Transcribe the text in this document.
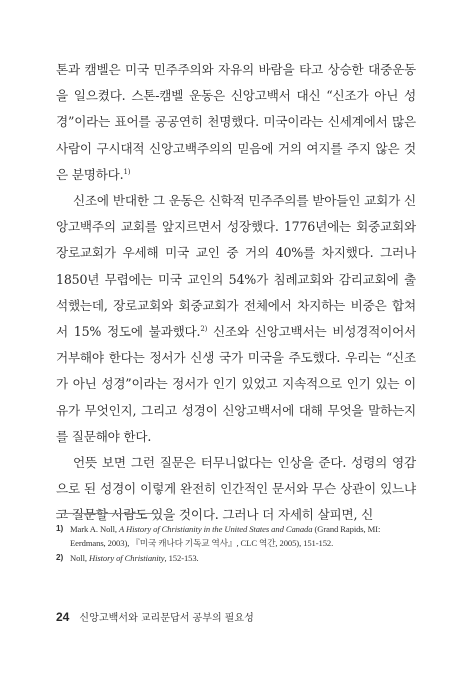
톤과 캠벨은 미국 민주주의와 자유의 바람을 타고 상승한 대중운동을 일으켰다. 스톤-캠벨 운동은 신앙고백서 대신 “신조가 아닌 성경”이라는 표어를 공공연히 천명했다. 미국이라는 신세계에서 많은 사람이 구시대적 신앙고백주의의 믿음에 거의 여지를 주지 않은 것은 분명하다.$^{1)}$

신조에 반대한 그 운동은 신학적 민주주의를 받아들인 교회가 신앙고백주의 교회를 앞지르면서 성장했다. 1776년에는 회중교회와 장로교회가 우세해 미국 교인 중 거의 40%를 차지했다. 그러나 1850년 무렵에는 미국 교인의 54%가 침례교회와 감리교회에 출석했는데, 장로교회와 회중교회가 전체에서 차지하는 비중은 합쳐서 15% 정도에 불과했다.$^{2)}$ 신조와 신앙고백서는 비성경적이어서 거부해야 한다는 정서가 신생 국가 미국을 주도했다. 우리는 “신조가 아닌 성경”이라는 정서가 인기 있었고 지속적으로 인기 있는 이유가 무엇인지, 그리고 성경이 신앙고백서에 대해 무엇을 말하는지를 질문해야 한다.

언뜻 보면 그런 질문은 터무니없다는 인상을 준다. 성령의 영감으로 된 성경이 이렇게 완전히 인간적인 문서와 무슨 상관이 있느냐고 질문할 사람도 있을 것이다. 그러나 더 자세히 살피면, 신

1) Mark A. Noll, A History of Christianity in the United States and Canada (Grand Rapids, MI: Eerdmans, 2003), 『미국 캐나다 기독교 역사』, CLC 역간, 2005), 151-152.
2) Noll, History of Christianity, 152-153.
24 신앙고백서와 교리문답서 공부의 필요성
